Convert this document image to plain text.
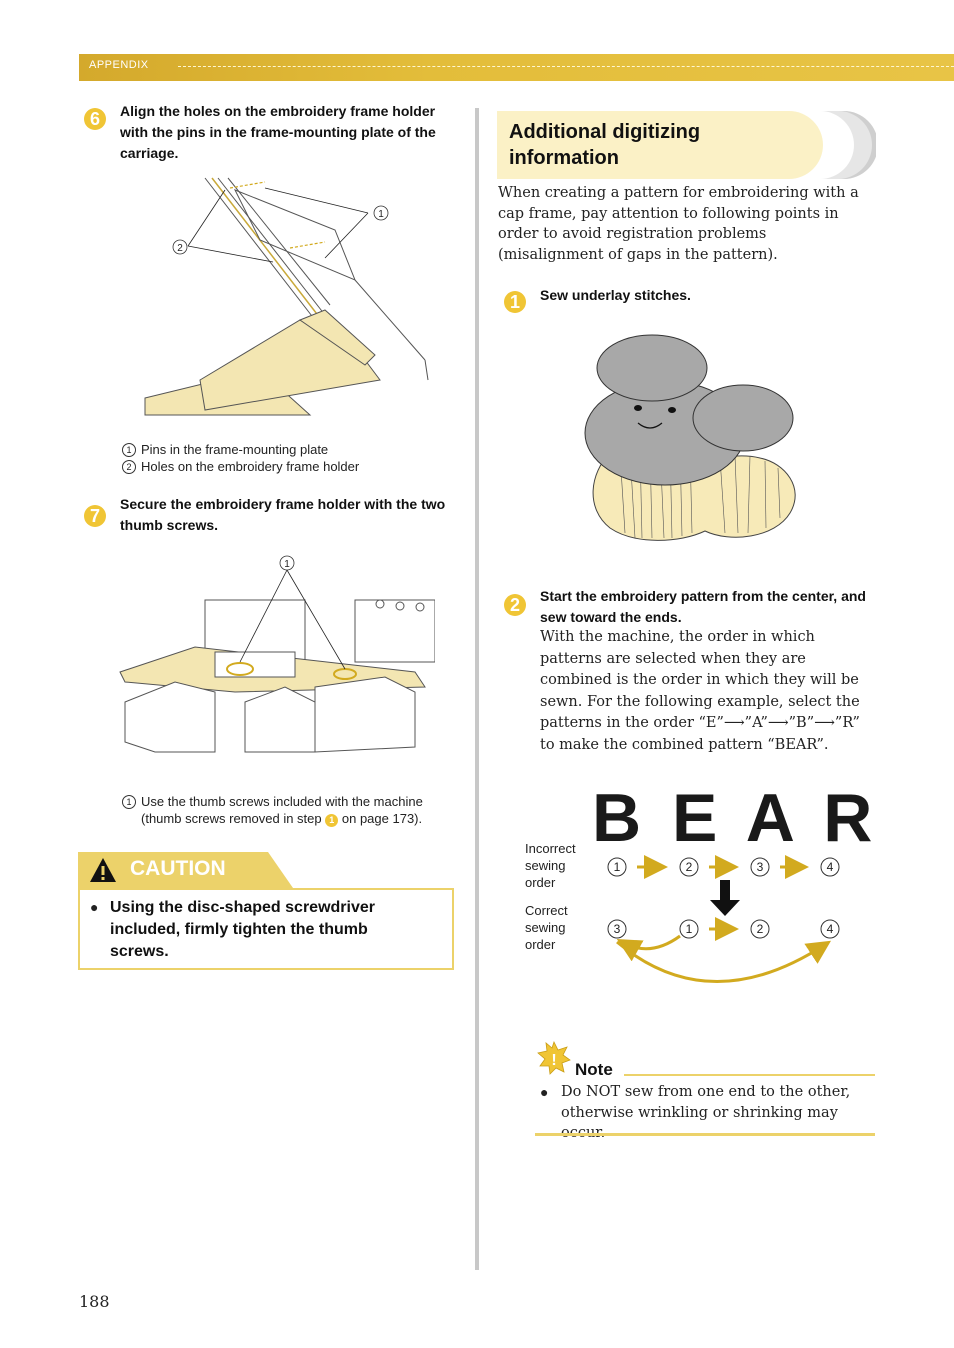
APPENDIX
6	Align the holes on the embroidery frame holder with the pins in the frame-mounting plate of the carriage.
1
2
1 Pins in the frame-mounting plate
2 Holes on the embroidery frame holder
7
Secure the embroidery frame holder with the two thumb screws.
1
1 Use the thumb screws included with the machine
(thumb screws removed in step 1 on page 173).
CAUTION
● Using the disc-shaped screwdriver included, firmly tighten the thumb screws.
Additional digitizing information
When creating a pattern for embroidering with a cap frame, pay attention to following points in order to avoid registration problems (misalignment of gaps in the pattern).
1	Sew underlay stitches.
2	Start the embroidery pattern from the center, and sew toward the ends.
With the machine, the order in which patterns are selected when they are combined is the order in which they will be sewn. For the following example, select the patterns in the order “E”⟶”A”⟶”B”⟶”R” to make the combined pattern “BEAR”.
B E A R
Incorrect sewing order
Correct sewing order
1	2	3	4
3	1	2	4
! Note
● Do NOT sew from one end to the other, otherwise wrinkling or shrinking may
188
